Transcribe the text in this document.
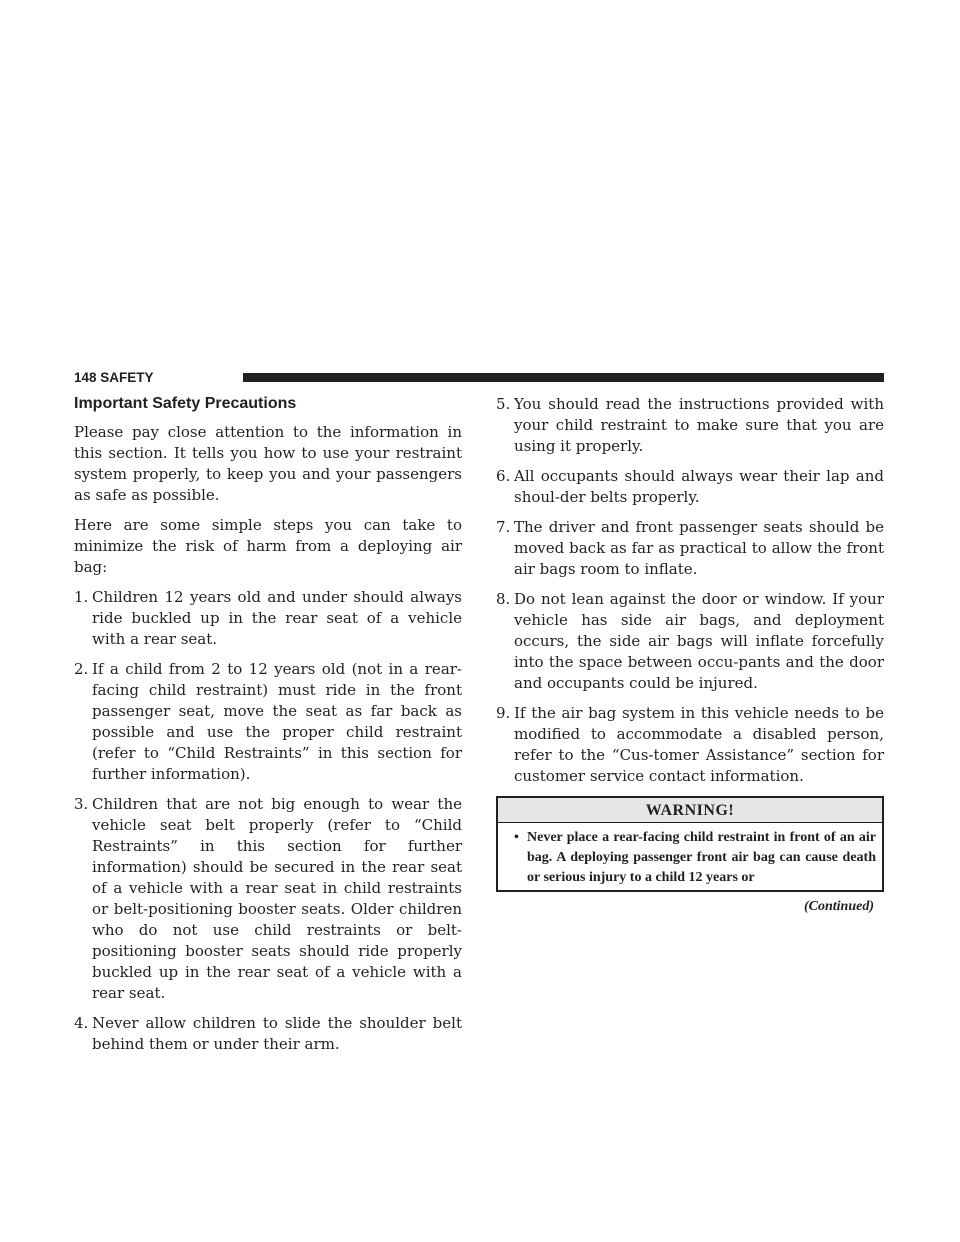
148 SAFETY
Important Safety Precautions

Please pay close attention to the information in this section. It tells you how to use your restraint system properly, to keep you and your passengers as safe as possible.

Here are some simple steps you can take to minimize the risk of harm from a deploying air bag:

1. Children 12 years old and under should always ride buckled up in the rear seat of a vehicle with a rear seat.
2. If a child from 2 to 12 years old (not in a rear-facing child restraint) must ride in the front passenger seat, move the seat as far back as possible and use the proper child restraint (refer to “Child Restraints” in this section for further information).
3. Children that are not big enough to wear the vehicle seat belt properly (refer to “Child Restraints” in this section for further information) should be secured in the rear seat of a vehicle with a rear seat in child restraints or belt-positioning booster seats. Older children who do not use child restraints or belt-positioning booster seats should ride properly buckled up in the rear seat of a vehicle with a rear seat.
4. Never allow children to slide the shoulder belt behind them or under their arm.
5. You should read the instructions provided with your child restraint to make sure that you are using it properly.
6. All occupants should always wear their lap and shoul-der belts properly.
7. The driver and front passenger seats should be moved back as far as practical to allow the front air bags room to inflate.
8. Do not lean against the door or window. If your vehicle has side air bags, and deployment occurs, the side air bags will inflate forcefully into the space between occu-pants and the door and occupants could be injured.
9. If the air bag system in this vehicle needs to be modified to accommodate a disabled person, refer to the “Cus-tomer Assistance” section for customer service contact information.
WARNING!

• Never place a rear-facing child restraint in front of an air bag. A deploying passenger front air bag can cause death or serious injury to a child 12 years or

(Continued)
